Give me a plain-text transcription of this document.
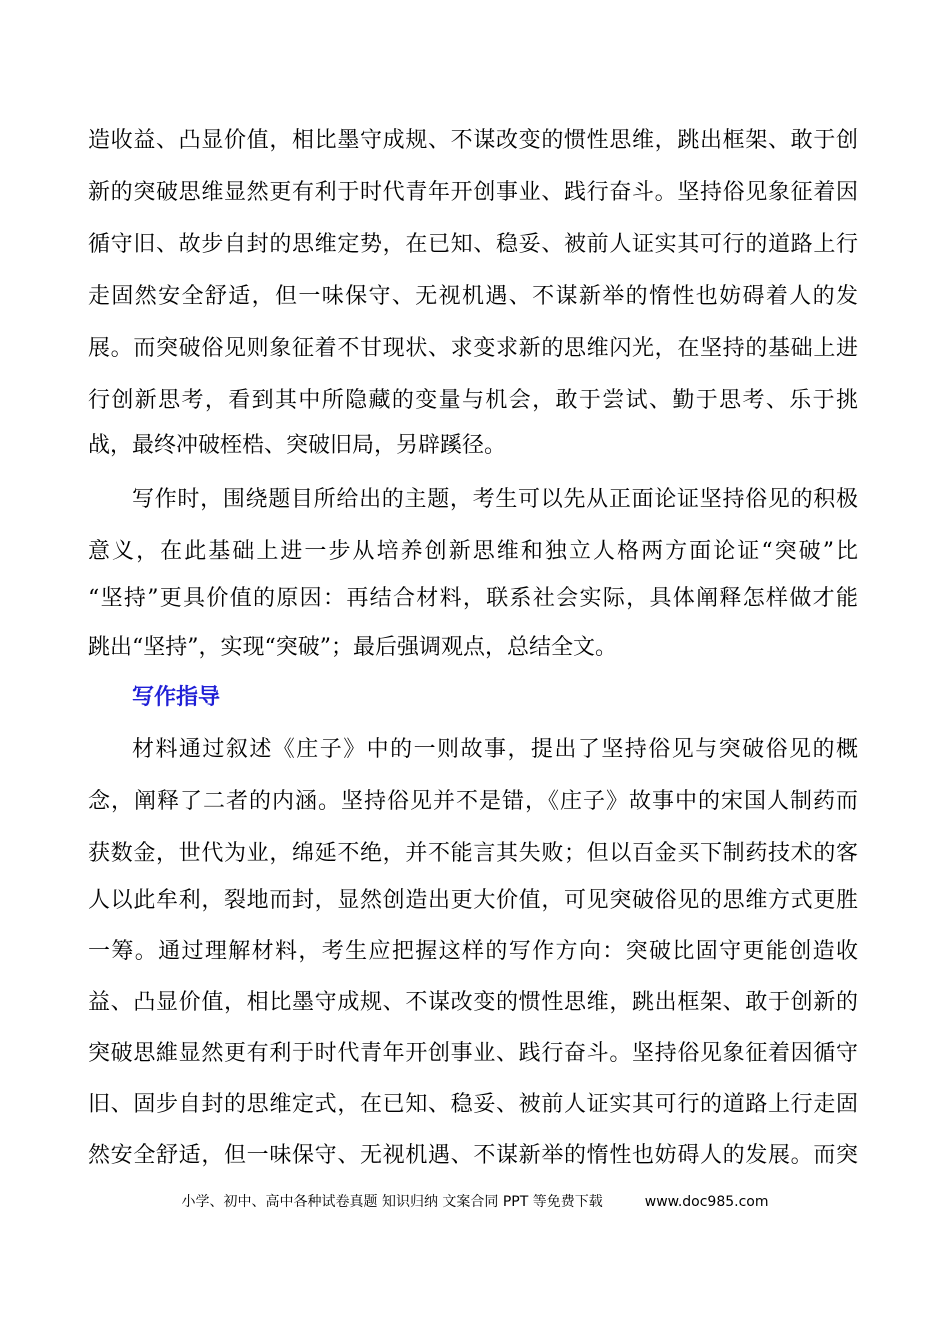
造收益、凸显价值，相比墨守成规、不谋改变的惯性思维，跳出框架、敢于创
新的突破思维显然更有利于时代青年开创事业、践行奋斗。坚持俗见象征着因
循守旧、故步自封的思维定势，在已知、稳妥、被前人证实其可行的道路上行
走固然安全舒适，但一味保守、无视机遇、不谋新举的惰性也妨碍着人的发
展。而突破俗见则象征着不甘现状、求变求新的思维闪光，在坚持的基础上进
行创新思考，看到其中所隐藏的变量与机会，敢于尝试、勤于思考、乐于挑
战，最终冲破桎梏、突破旧局，另辟蹊径。
写作时，围绕题目所给出的主题，考生可以先从正面论证坚持俗见的积极
意义，在此基础上进一步从培养创新思维和独立人格两方面论证“突破”比
“坚持”更具价值的原因：再结合材料，联系社会实际，具体阐释怎样做才能
跳出“坚持”，实现“突破”；最后强调观点，总结全文。
写作指导
材料通过叙述《庄子》中的一则故事，提出了坚持俗见与突破俗见的概
念，阐释了二者的内涵。坚持俗见并不是错，《庄子》故事中的宋国人制药而
获数金，世代为业，绵延不绝，并不能言其失败；但以百金买下制药技术的客
人以此牟利，裂地而封，显然创造出更大价值，可见突破俗见的思维方式更胜
一筹。通过理解材料，考生应把握这样的写作方向：突破比固守更能创造收
益、凸显价值，相比墨守成规、不谋改变的惯性思维，跳出框架、敢于创新的
突破思維显然更有利于时代青年开创事业、践行奋斗。坚持俗见象征着因循守
旧、固步自封的思维定式，在已知、稳妥、被前人证实其可行的道路上行走固
然安全舒适，但一味保守、无视机遇、不谋新举的惰性也妨碍人的发展。而突
小学、初中、高中各种试卷真题 知识归纳 文案合同 PPT 等免费下载	www.doc985.com
